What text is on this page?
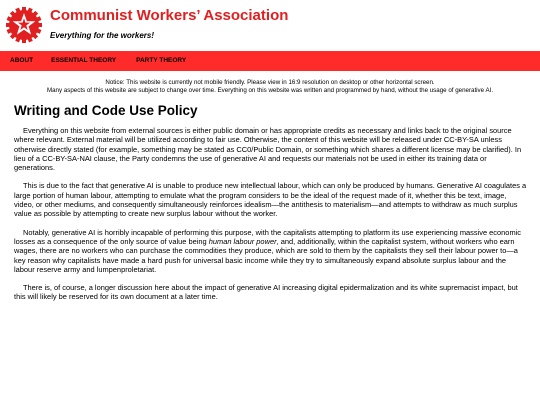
Communist Workers’ Association
Everything for the workers!
ABOUT	ESSENTIAL THEORY	PARTY THEORY
Notice: This website is currently not mobile friendly. Please view in 16:9 resolution on desktop or other horizontal screen.
Many aspects of this website are subject to change over time. Everything on this website was written and programmed by hand, without the usage of generative AI.
Writing and Code Use Policy

Everything on this website from external sources is either public domain or has appropriate credits as necessary and links back to the original source where relevant. External material will be utilized according to fair use. Otherwise, the content of this website will be released under CC-BY-SA unless otherwise directly stated (for example, something may be stated as CC0/Public Domain, or something which shares a different license may be clarified). In lieu of a CC-BY-SA-NAI clause, the Party condemns the use of generative AI and requests our materials not be used in either its training data or generations.

This is due to the fact that generative AI is unable to produce new intellectual labour, which can only be produced by humans. Generative AI coagulates a large portion of human labour, attempting to emulate what the program considers to be the ideal of the request made of it, whether this be text, image, video, or other mediums, and consequently simultaneously reinforces idealism—the antithesis to materialism—and attempts to withdraw as much surplus value as possible by attempting to create new surplus labour without the worker.

Notably, generative AI is horribly incapable of performing this purpose, with the capitalists attempting to platform its use experiencing massive economic losses as a consequence of the only source of value being human labour power, and, additionally, within the capitalist system, without workers who earn wages, there are no workers who can purchase the commodities they produce, which are sold to them by the capitalists they sell their labour power to—a key reason why capitalists have made a hard push for universal basic income while they try to simultaneously expand absolute surplus labour and the labour reserve army and lumpenproletariat.

There is, of course, a longer discussion here about the impact of generative AI increasing digital epidermalization and its white supremacist impact, but this will likely be reserved for its own document at a later time.
